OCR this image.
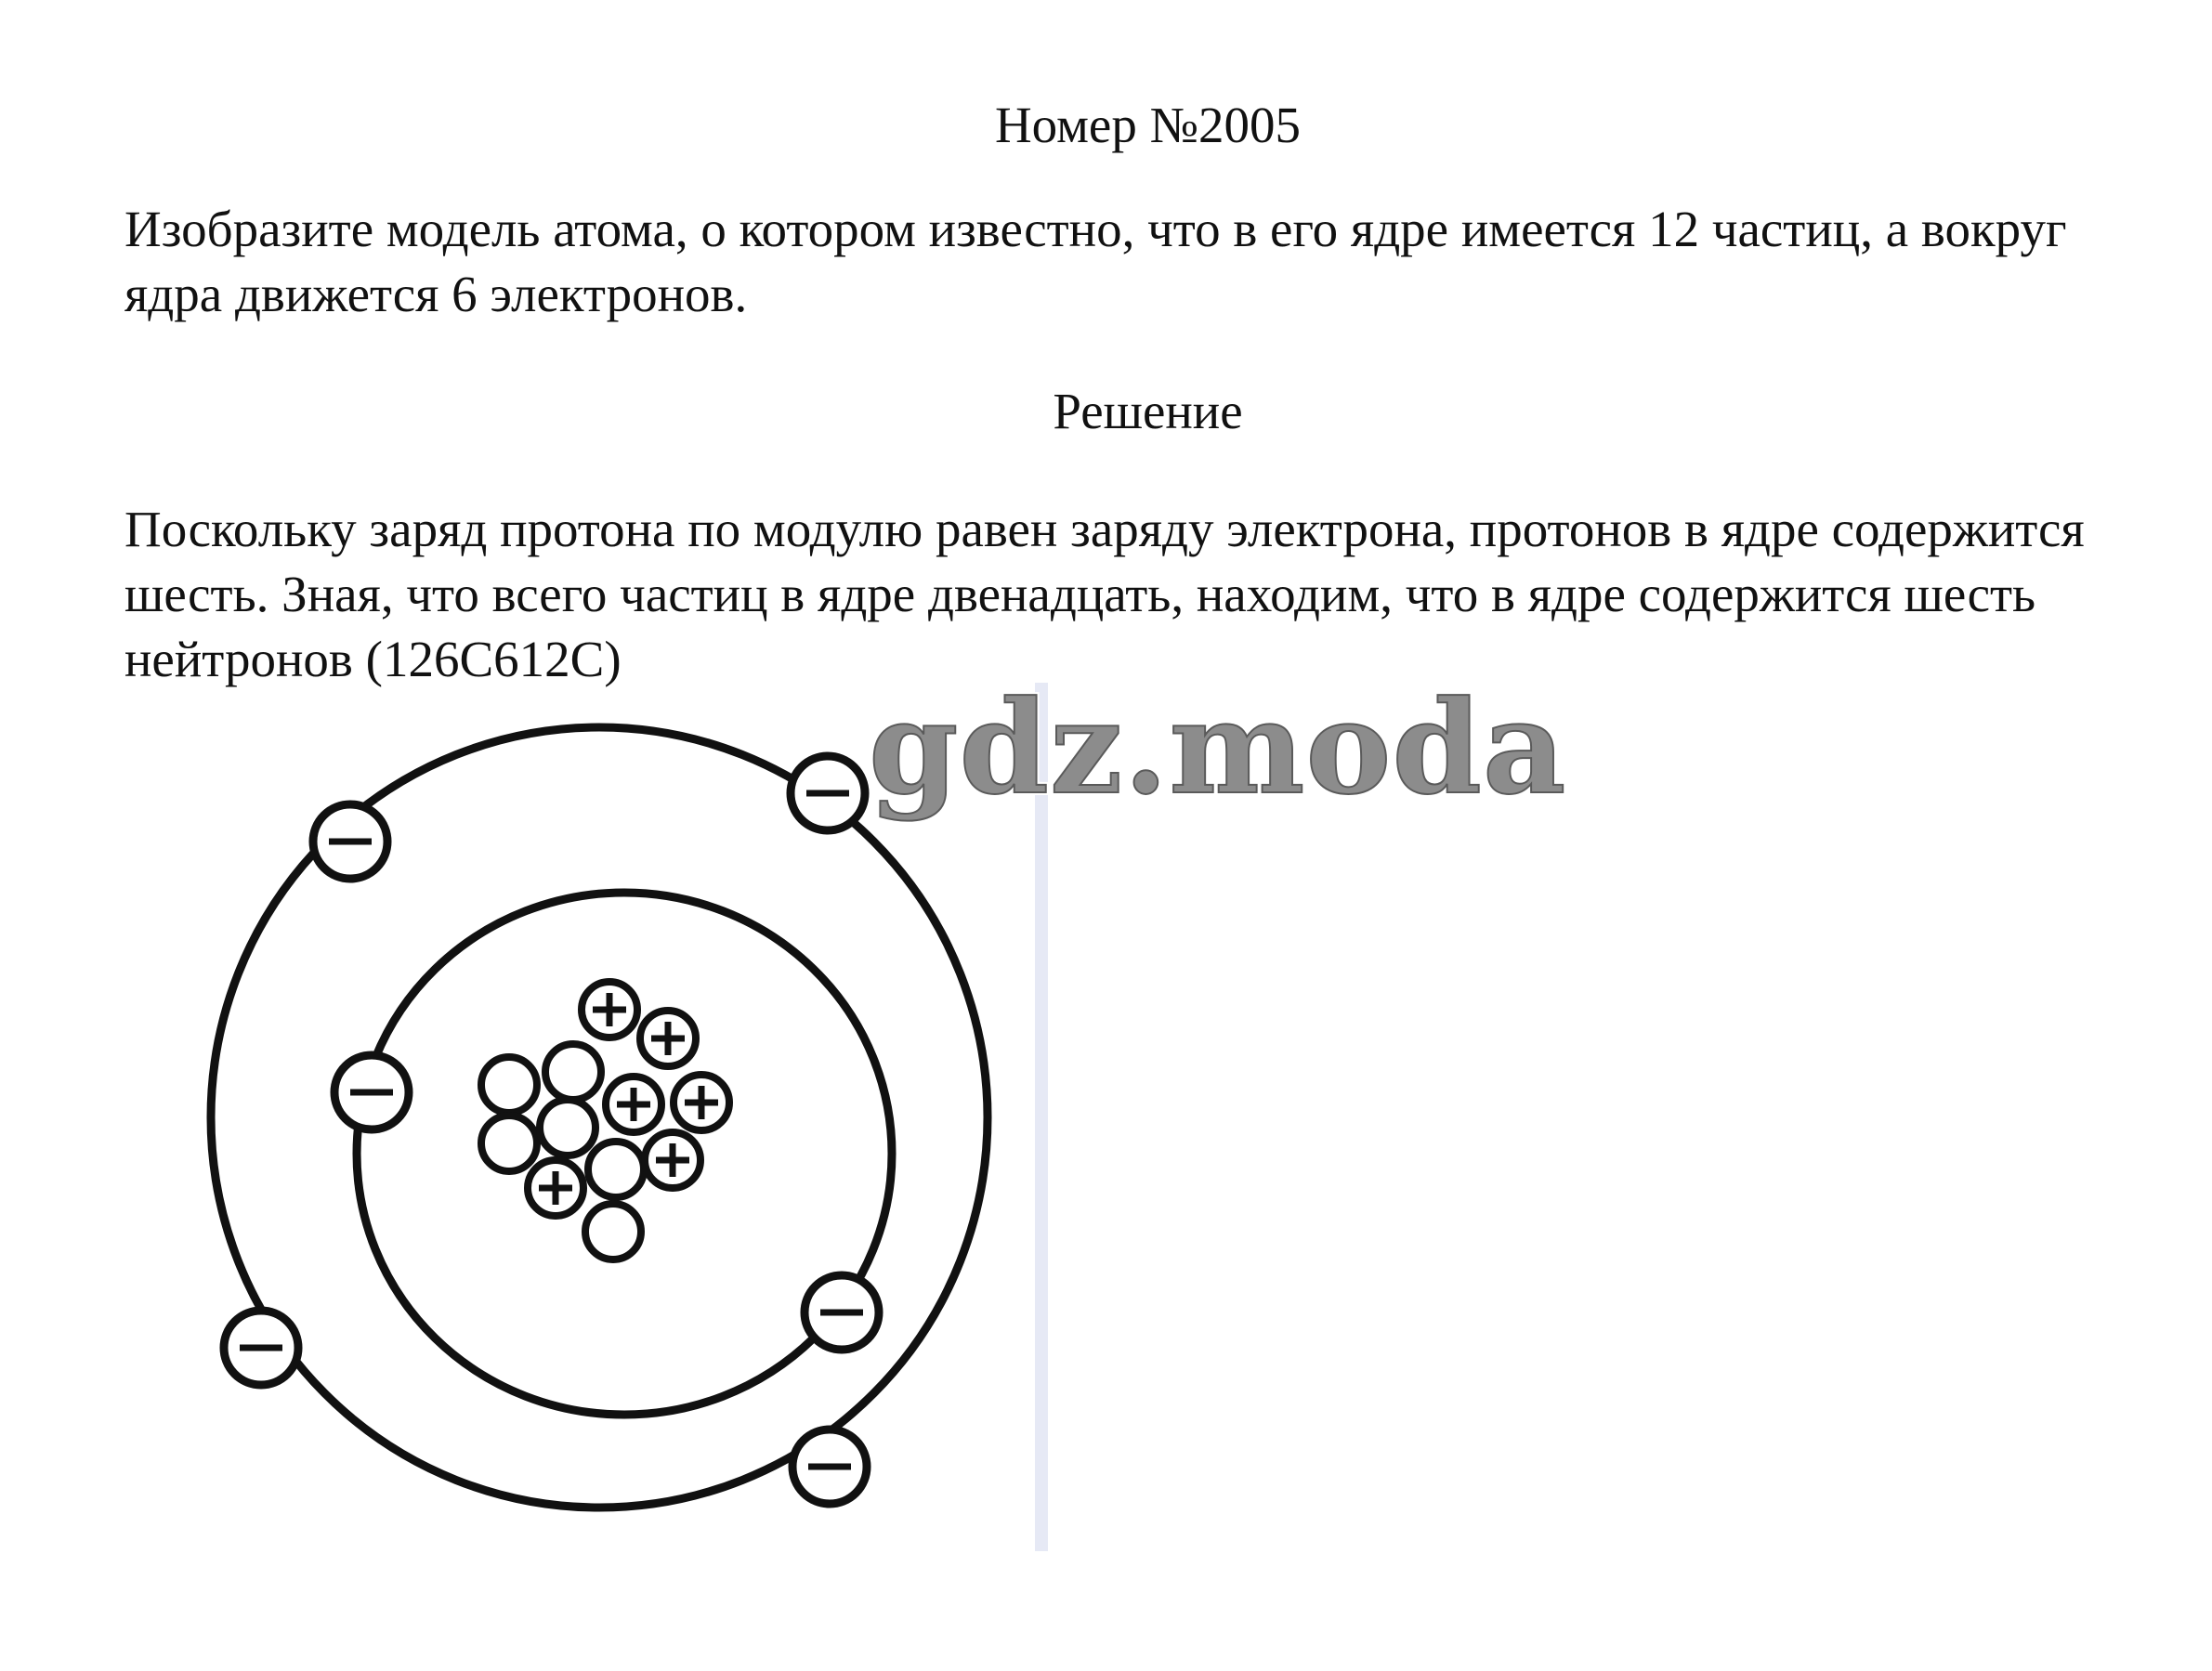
Номер №2005

Изобразите модель атома, о котором известно, что в его ядре имеется 12 частиц, а вокруг ядра движется 6 электронов.

Решение

Поскольку заряд протона по модулю равен заряду электрона, протонов в ядре содержится шесть. Зная, что всего частиц в ядре двенадцать, находим, что в ядре содержится шесть нейтронов (126C612C)

gdz.moda
